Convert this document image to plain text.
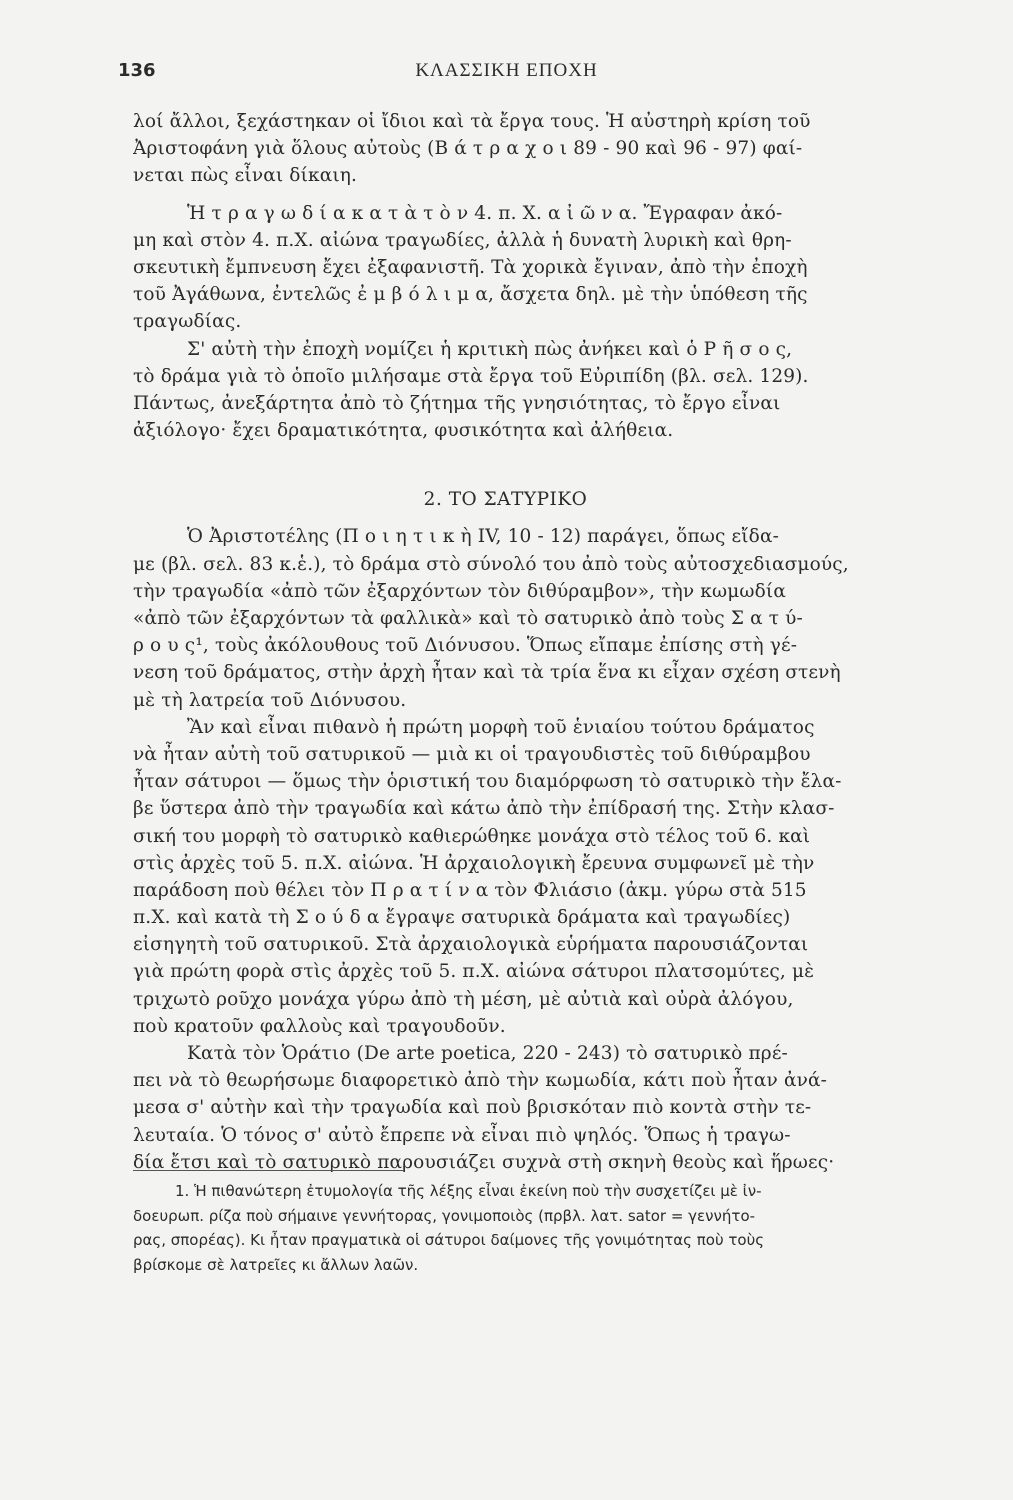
136	ΚΛΑΣΣΙΚΗ ΕΠΟΧΗ
λοί ἄλλοι, ξεχάστηκαν οἱ ἴδιοι καὶ τὰ ἔργα τους. Ἡ αὐστηρὴ κρίση τοῦ
Ἀριστοφάνη γιὰ ὅλους αὐτοὺς (Β ά τ ρ α χ ο ι 89 - 90 καὶ 96 - 97) φαί-
νεται πὼς εἶναι δίκαιη.
Ἡ τ ρ α γ ω δ ί α κ α τ ὰ τ ὸ ν 4. π. Χ. α ἰ ῶ ν α. Ἔγραφαν ἀκό-
μη καὶ στὸν 4. π.Χ. αἰώνα τραγωδίες, ἀλλὰ ἡ δυνατὴ λυρικὴ καὶ θρη-
σκευτικὴ ἔμπνευση ἔχει ἐξαφανιστῆ. Τὰ χορικὰ ἔγιναν, ἀπὸ τὴν ἐποχὴ
τοῦ Ἀγάθωνα, ἐντελῶς ἐ μ β ό λ ι μ α, ἄσχετα δηλ. μὲ τὴν ὑπόθεση τῆς
τραγωδίας.
Σ' αὐτὴ τὴν ἐποχὴ νομίζει ἡ κριτικὴ πὼς ἀνήκει καὶ ὁ Ρ ῆ σ ο ς,
τὸ δράμα γιὰ τὸ ὁποῖο μιλήσαμε στὰ ἔργα τοῦ Εὐριπίδη (βλ. σελ. 129).
Πάντως, ἀνεξάρτητα ἀπὸ τὸ ζήτημα τῆς γνησιότητας, τὸ ἔργο εἶναι
ἀξιόλογο· ἔχει δραματικότητα, φυσικότητα καὶ ἀλήθεια.
2. ΤΟ ΣΑΤΥΡΙΚΟ
Ὁ Ἀριστοτέλης (Π ο ι η τ ι κ ὴ IV, 10 - 12) παράγει, ὅπως εἴδα-
με (βλ. σελ. 83 κ.ἑ.), τὸ δράμα στὸ σύνολό του ἀπὸ τοὺς αὐτοσχεδιασμούς,
τὴν τραγωδία «ἀπὸ τῶν ἐξαρχόντων τὸν διθύραμβον», τὴν κωμωδία
«ἀπὸ τῶν ἐξαρχόντων τὰ φαλλικὰ» καὶ τὸ σατυρικὸ ἀπὸ τοὺς Σ α τ ύ-
ρ ο υ ς¹, τοὺς ἀκόλουθους τοῦ Διόνυσου. Ὅπως εἴπαμε ἐπίσης στὴ γέ-
νεση τοῦ δράματος, στὴν ἀρχὴ ἦταν καὶ τὰ τρία ἕνα κι εἶχαν σχέση στενὴ
μὲ τὴ λατρεία τοῦ Διόνυσου.
Ἂν καὶ εἶναι πιθανὸ ἡ πρώτη μορφὴ τοῦ ἑνιαίου τούτου δράματος
νὰ ἦταν αὐτὴ τοῦ σατυρικοῦ — μιὰ κι οἱ τραγουδιστὲς τοῦ διθύραμβου
ἦταν σάτυροι — ὅμως τὴν ὁριστική του διαμόρφωση τὸ σατυρικὸ τὴν ἔλα-
βε ὕστερα ἀπὸ τὴν τραγωδία καὶ κάτω ἀπὸ τὴν ἐπίδρασή της. Στὴν κλασ-
σική του μορφὴ τὸ σατυρικὸ καθιερώθηκε μονάχα στὸ τέλος τοῦ 6. καὶ
στὶς ἀρχὲς τοῦ 5. π.Χ. αἰώνα. Ἡ ἀρχαιολογικὴ ἔρευνα συμφωνεῖ μὲ τὴν
παράδοση ποὺ θέλει τὸν Π ρ α τ ί ν α τὸν Φλιάσιο (ἀκμ. γύρω στὰ 515
π.Χ. καὶ κατὰ τὴ Σ ο ύ δ α ἔγραψε σατυρικὰ δράματα καὶ τραγωδίες)
εἰσηγητὴ τοῦ σατυρικοῦ. Στὰ ἀρχαιολογικὰ εὑρήματα παρουσιάζονται
γιὰ πρώτη φορὰ στὶς ἀρχὲς τοῦ 5. π.Χ. αἰώνα σάτυροι πλατσομύτες, μὲ
τριχωτὸ ροῦχο μονάχα γύρω ἀπὸ τὴ μέση, μὲ αὐτιὰ καὶ οὐρὰ ἀλόγου,
ποὺ κρατοῦν φαλλοὺς καὶ τραγουδοῦν.
Κατὰ τὸν Ὁράτιο (De arte poetica, 220 - 243) τὸ σατυρικὸ πρέ-
πει νὰ τὸ θεωρήσωμε διαφορετικὸ ἀπὸ τὴν κωμωδία, κάτι ποὺ ἦταν ἀνά-
μεσα σ' αὐτὴν καὶ τὴν τραγωδία καὶ ποὺ βρισκόταν πιὸ κοντὰ στὴν τε-
λευταία. Ὁ τόνος σ' αὐτὸ ἔπρεπε νὰ εἶναι πιὸ ψηλός. Ὅπως ἡ τραγω-
δία ἔτσι καὶ τὸ σατυρικὸ παρουσιάζει συχνὰ στὴ σκηνὴ θεοὺς καὶ ἥρωες·
1. Ἡ πιθανώτερη ἐτυμολογία τῆς λέξης εἶναι ἐκείνη ποὺ τὴν συσχετίζει μὲ ἰν-
δοευρωπ. ρίζα ποὺ σήμαινε γεννήτορας, γονιμοποιὸς (πρβλ. λατ. sator = γεννήτο-
ρας, σπορέας). Κι ἦταν πραγματικὰ οἱ σάτυροι δαίμονες τῆς γονιμότητας ποὺ τοὺς
βρίσκομε σὲ λατρεῖες κι ἄλλων λαῶν.
